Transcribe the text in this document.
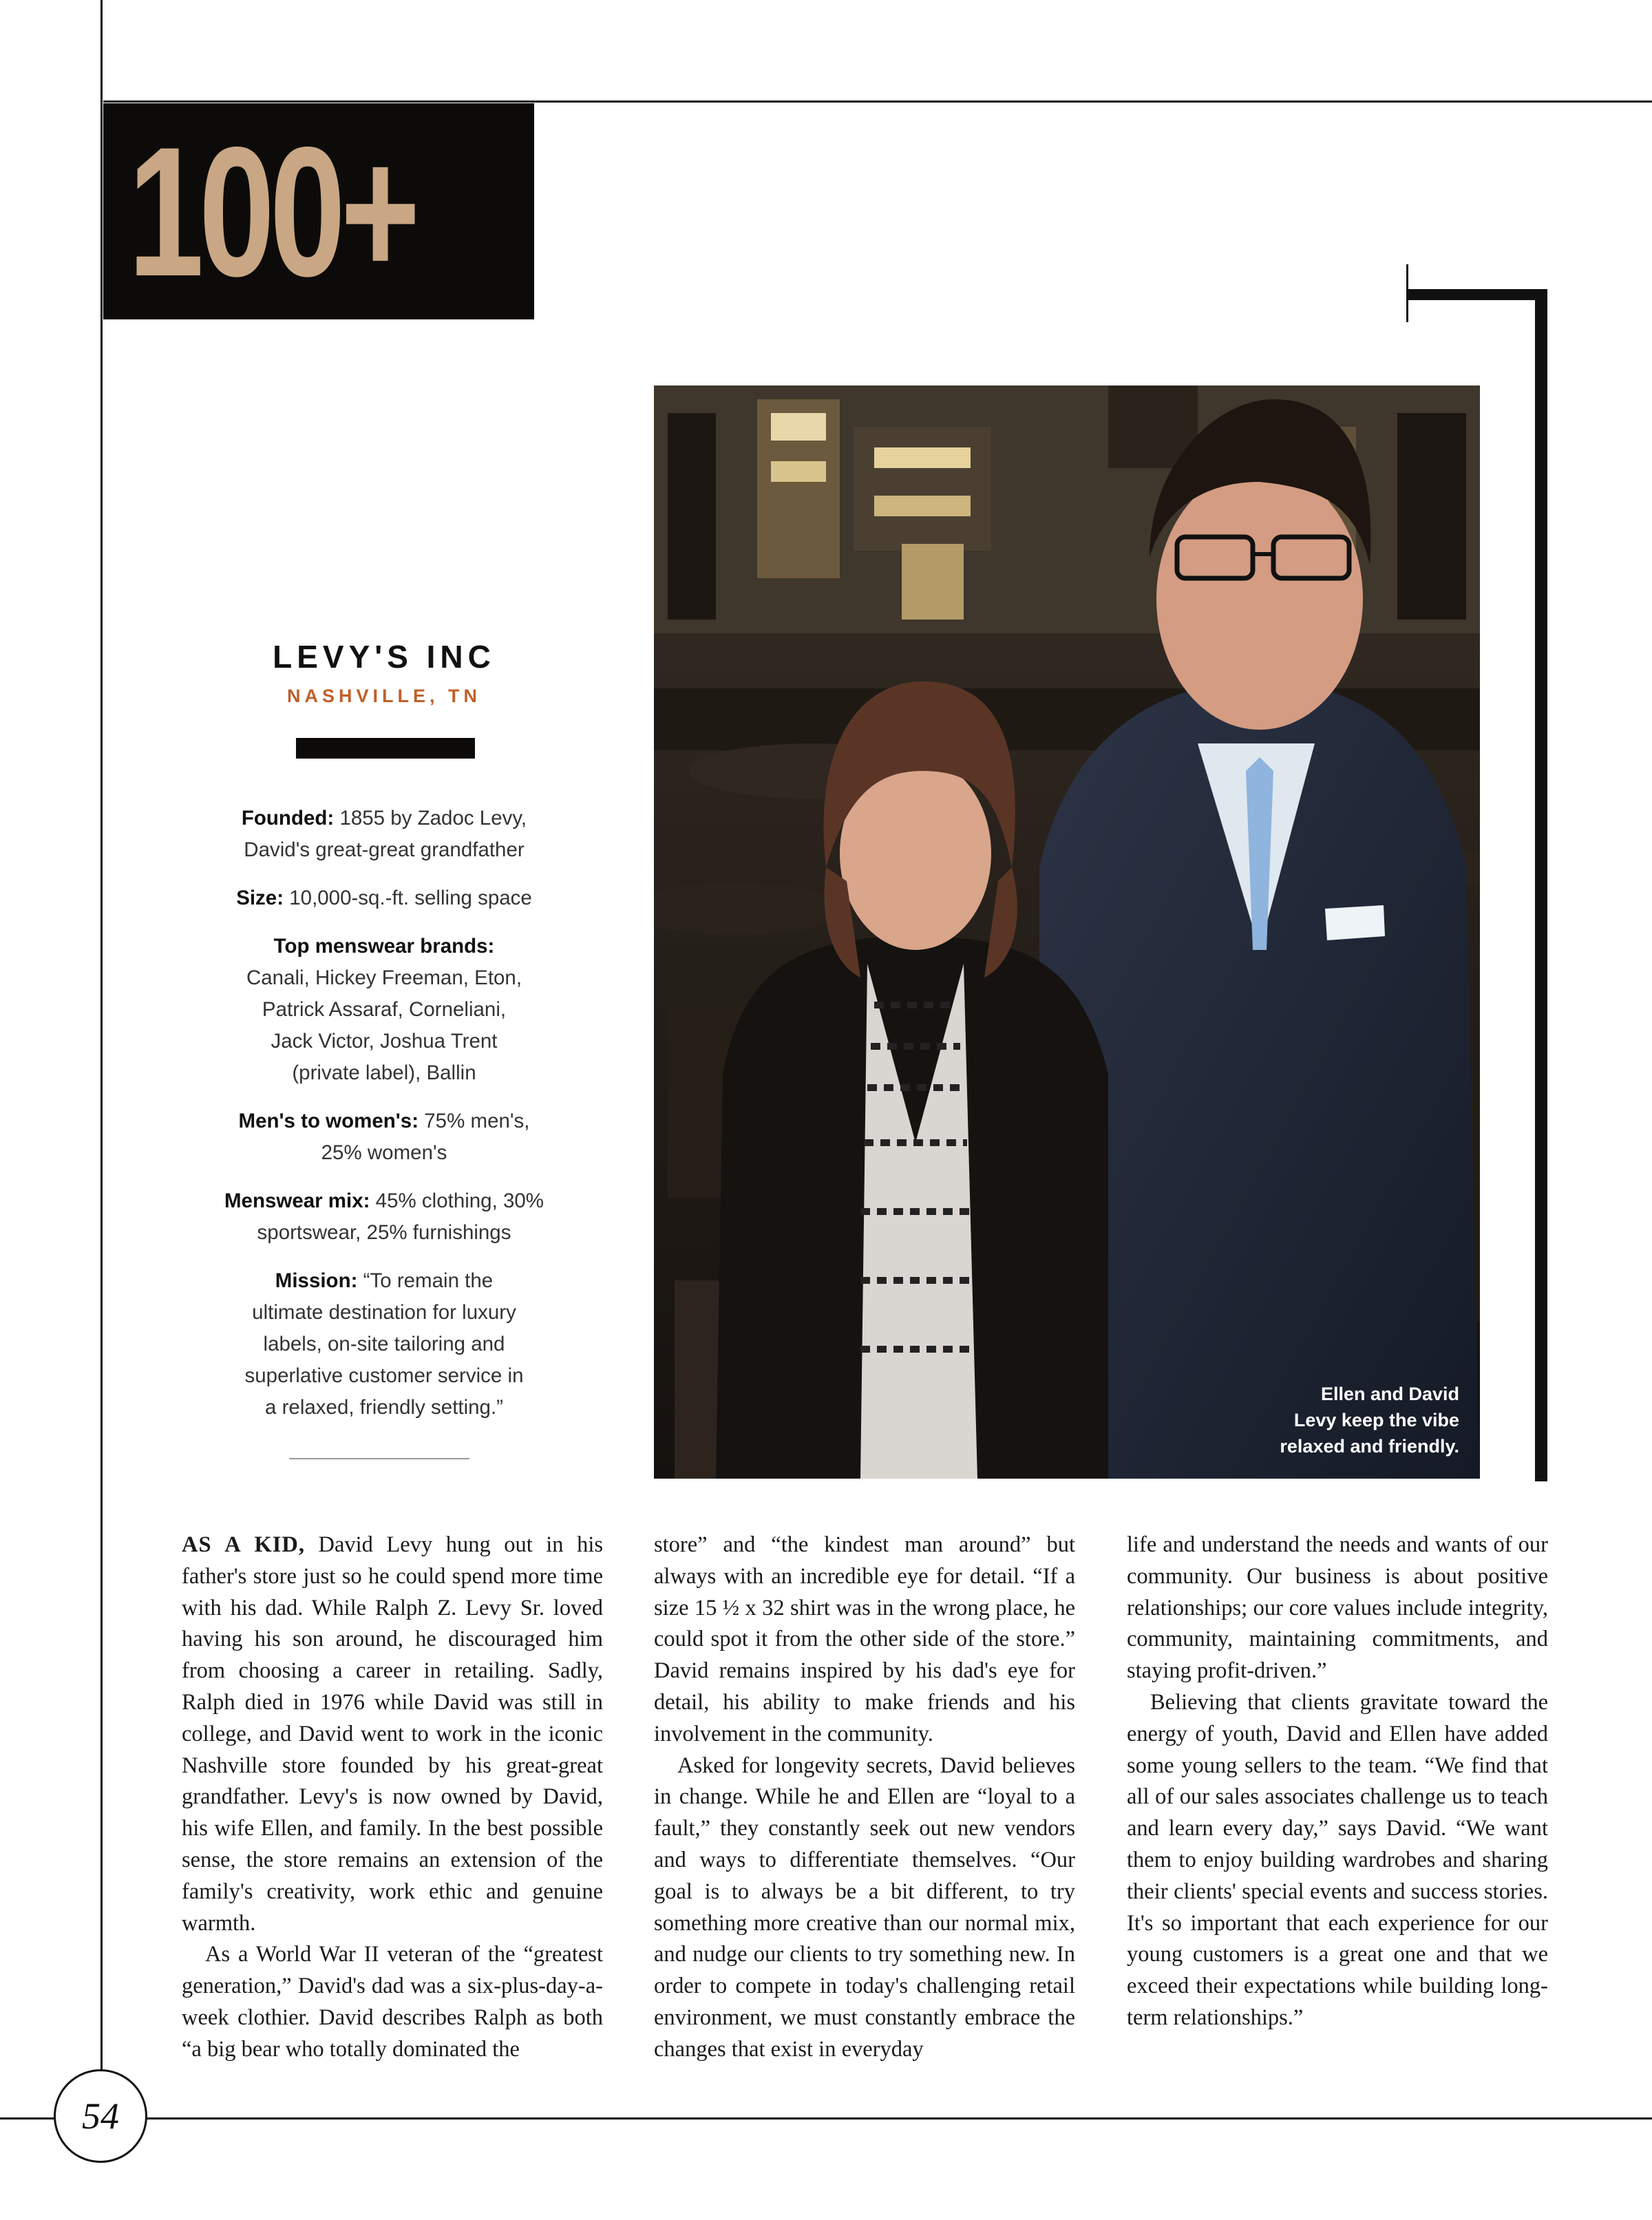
100+
Ellen and David
Levy keep the vibe
relaxed and friendly.
LEVY'S INC
NASHVILLE, TN
Founded: 1855 by Zadoc Levy,
David's great-great grandfather
Size: 10,000-sq.-ft. selling space
Top menswear brands:
Canali, Hickey Freeman, Eton,
Patrick Assaraf, Corneliani,
Jack Victor, Joshua Trent
(private label), Ballin
Men's to women's: 75% men's,
25% women's
Menswear mix: 45% clothing, 30%
sportswear, 25% furnishings
Mission: “To remain the
ultimate destination for luxury
labels, on-site tailoring and
superlative customer service in
a relaxed, friendly setting.”

AS A KID, David Levy hung out in his father's store just so he could spend more time with his dad. While Ralph Z. Levy Sr. loved having his son around, he discouraged him from choosing a career in retailing. Sadly, Ralph died in 1976 while David was still in college, and David went to work in the iconic Nashville store founded by his great-great grandfather. Levy's is now owned by David, his wife Ellen, and family. In the best possible sense, the store remains an extension of the family's creativity, work ethic and genuine warmth.

As a World War II veteran of the “greatest generation,” David's dad was a six-plus-day-a-week clothier. David describes Ralph as both “a big bear who totally dominated the

store” and “the kindest man around” but always with an incredible eye for detail. “If a size 15 ½ x 32 shirt was in the wrong place, he could spot it from the other side of the store.” David remains inspired by his dad's eye for detail, his ability to make friends and his involvement in the community.

Asked for longevity secrets, David believes in change. While he and Ellen are “loyal to a fault,” they constantly seek out new vendors and ways to differentiate themselves. “Our goal is to always be a bit different, to try something more creative than our normal mix, and nudge our clients to try something new. In order to compete in today's challenging retail environment, we must constantly embrace the changes that exist in everyday

life and understand the needs and wants of our community. Our business is about positive relationships; our core values include integrity, community, maintaining commitments, and staying profit-driven.”

Believing that clients gravitate toward the energy of youth, David and Ellen have added some young sellers to the team. “We find that all of our sales associates challenge us to teach and learn every day,” says David. “We want them to enjoy building wardrobes and sharing their clients' special events and success stories. It's so important that each experience for our young customers is a great one and that we exceed their expectations while building long-term relationships.”

54
